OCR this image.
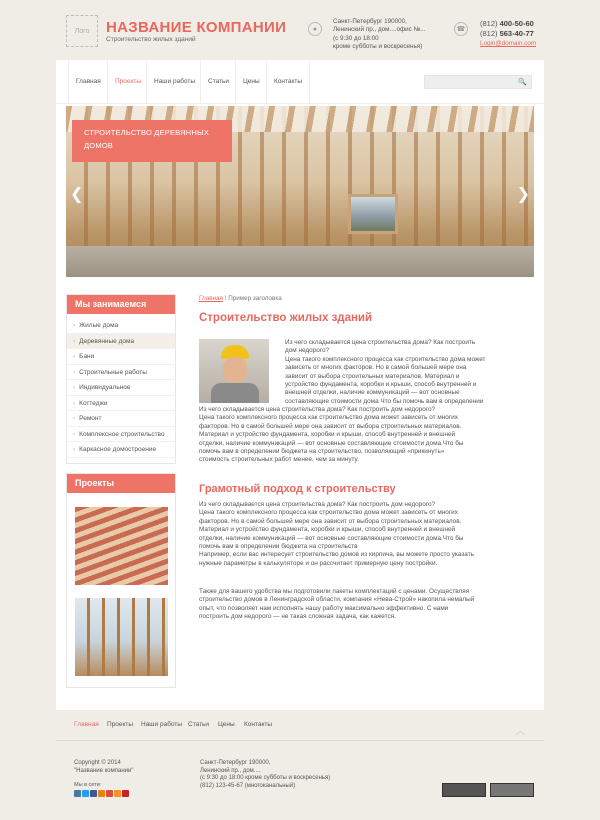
Лого	НАЗВАНИЕ КОМПАНИИ
Строительство жилых зданий
●
Санкт-Петербург 190000,
Ленинский пр., дом....офис №...
(с 9:30 до 18:00
кроме субботы и воскресенья)
☎
(812) 400-50-60
(812) 563-40-77
Login@domain.com
Главная	Проекты	Наши работы	Статьи	Цены	Контакты	🔍
СТРОИТЕЛЬСТВО ДЕРЕВЯННЫХ
ДОМОВ
❮	❯
Мы занимаемся
› Жилые дома
› Деревянные дома
› Бани
› Строительные работы
› Индивидуальное
› Коттеджи
› Ремонт
› Комплексное строительство
› Каркасное домостроение
Проекты
Главная \ Пример заголовка
Строительство жилых зданий
Из чего складывается цена строительства дома? Как построить
дом недорого?
Цена такого комплексного процесса как строительство дома может
зависеть от многих факторов. Но в самой большей мере она
зависит от выбора строительных материалов. Материал и
устройство фундамента, коробки и крыши, способ внутренней и
внешней отделки, наличие коммуникаций — вот основные
составляющие стоимости дома Что бы помочь вам в определении
Из чего складывается цена строительства дома? Как построить дом недорого?
Цена такого комплексного процесса как строительство дома может зависеть от многих
факторов. Но в самой большей мере она зависит от выбора строительных материалов.
Материал и устройство фундамента, коробки и крыши, способ внутренней и внешней
отделки, наличие коммуникаций — вот основные составляющие стоимости дома.Что бы
помочь вам в определении бюджета на строительство, позволяющий «прикинуть»
стоимость строительных работ менее, чем за минуту.
Грамотный подход к строительству
Из чего складывается цена строительства дома? Как построить дом недорого?
Цена такого комплексного процесса как строительство дома может зависеть от многих
факторов. Но в самой большей мере она зависит от выбора строительных материалов.
Материал и устройство фундамента, коробки и крыши, способ внутренней и внешней
отделки, наличие коммуникаций — вот основные составляющие стоимости дома.Что бы
помочь вам в определении бюджета на строительств
Например, если вас интересует строительство домов из кирпича, вы можете просто указать
нужные параметры в калькуляторе и он рассчитает примерную цену постройки.
Также для вашего удобства мы подготовили пакеты комплектаций с ценами. Осуществляя
строительство домов в Ленинградской области, компания «Нева-Строй» накопила немалый
опыт, что позволяет нам исполнять нашу работу максимально эффективно. С нами
построить дом недорого — не такая сложная задача, как кажется.
Главная Проекты Наши работы Статьи Цены Контакты
︿
Copyright © 2014
"Название компании"
Мы в сети:
Санкт-Петербург 190000,
Ленинский пр., дом....
(с 9:30 до 18:00 кроме субботы и воскресенья)
(812) 123-45-67 (многоканальный)
